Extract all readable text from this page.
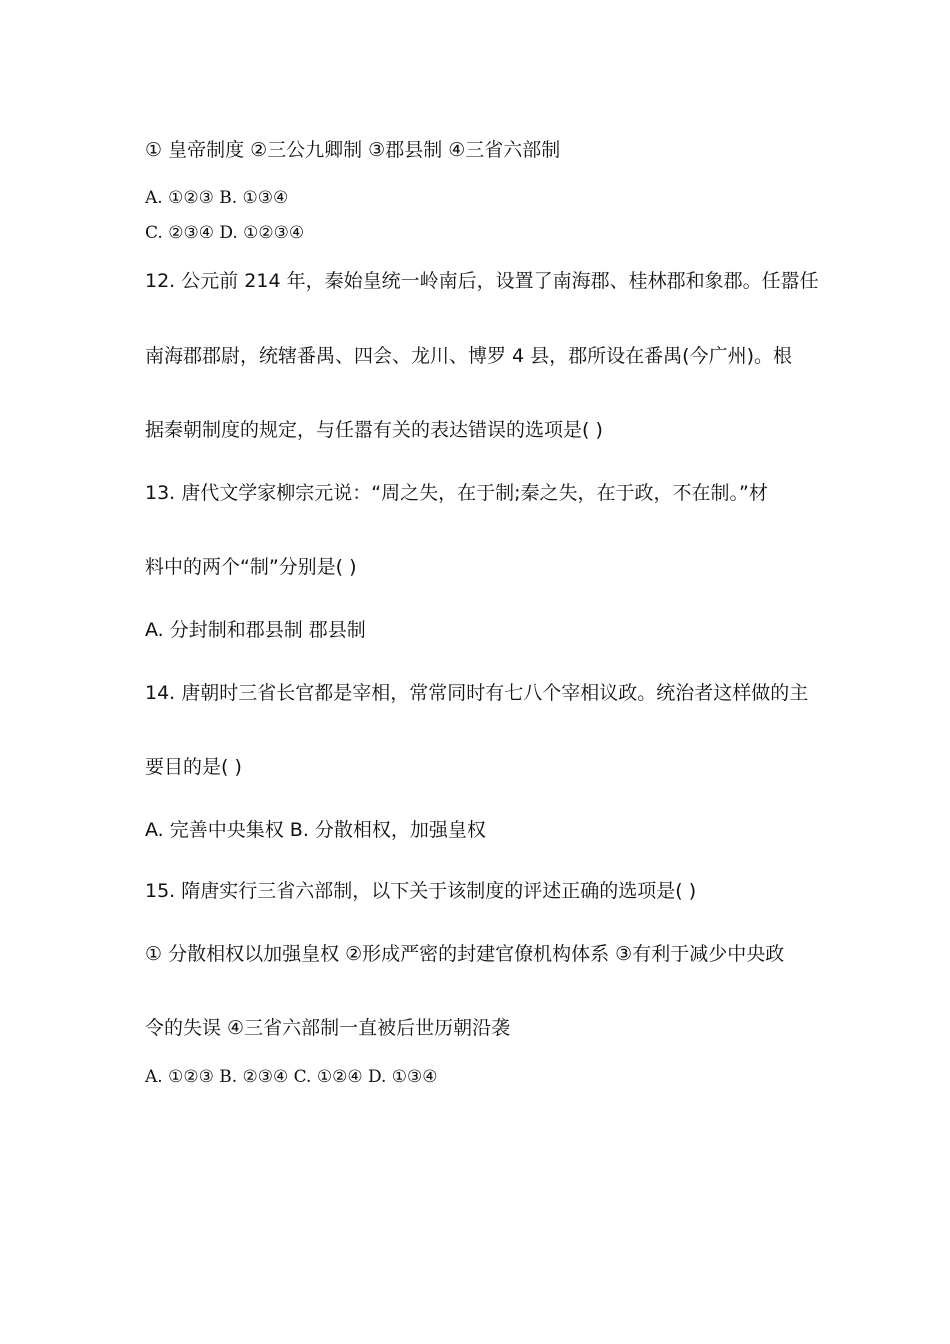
① 皇帝制度 ②三公九卿制 ③郡县制 ④三省六部制
A. ①②③ B. ①③④
C. ②③④ D. ①②③④
12. 公元前 214 年，秦始皇统一岭南后，设置了南海郡、桂林郡和象郡。任嚣任
南海郡郡尉，统辖番禺、四会、龙川、博罗 4 县，郡所设在番禺(今广州)。根
据秦朝制度的规定，与任嚣有关的表达错误的选项是( )
13. 唐代文学家柳宗元说：“周之失，在于制;秦之失，在于政，不在制。”材
料中的两个“制”分别是( )
A. 分封制和郡县制 郡县制
14. 唐朝时三省长官都是宰相，常常同时有七八个宰相议政。统治者这样做的主
要目的是( )
A. 完善中央集权 B. 分散相权，加强皇权
15. 隋唐实行三省六部制，以下关于该制度的评述正确的选项是( )
① 分散相权以加强皇权 ②形成严密的封建官僚机构体系 ③有利于减少中央政
令的失误 ④三省六部制一直被后世历朝沿袭
A. ①②③ B. ②③④ C. ①②④ D. ①③④
